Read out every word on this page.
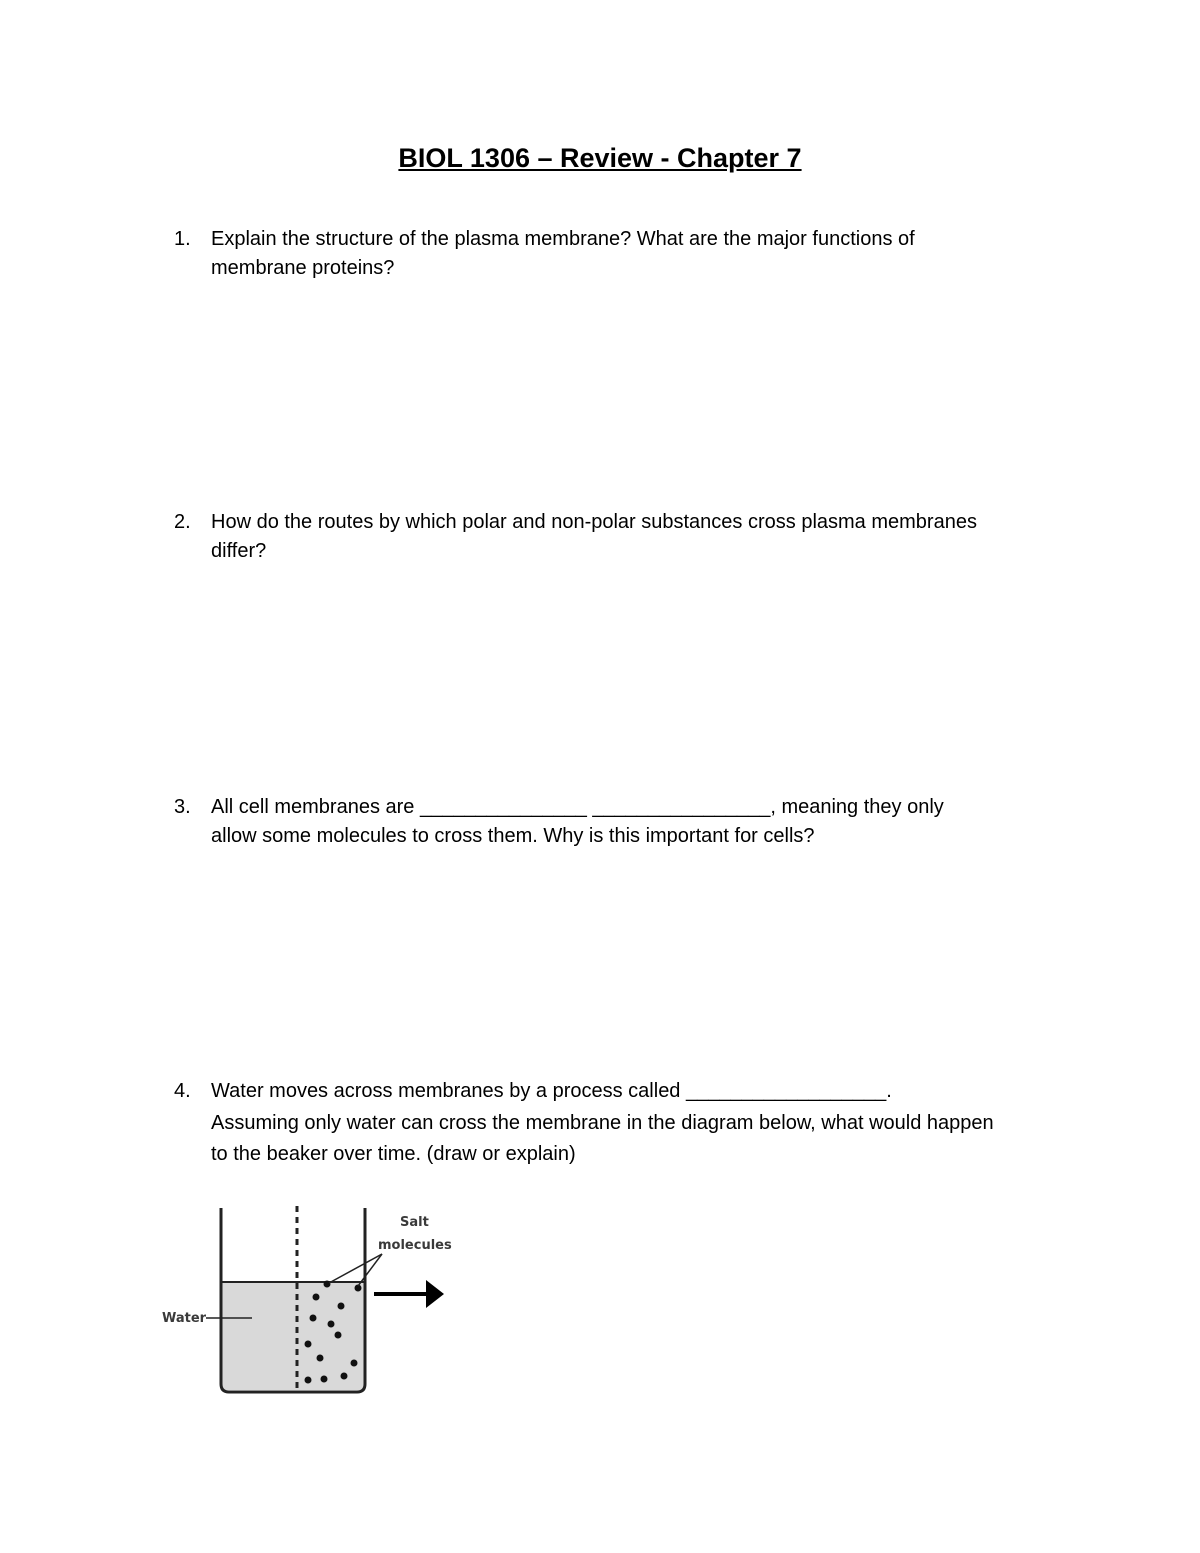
BIOL 1306 – Review - Chapter 7
1. Explain the structure of the plasma membrane? What are the major functions of
membrane proteins?
2. How do the routes by which polar and non-polar substances cross plasma membranes
differ?
3. All cell membranes are _______________ ________________, meaning they only
allow some molecules to cross them. Why is this important for cells?
4. Water moves across membranes by a process called __________________.
Assuming only water can cross the membrane in the diagram below, what would happen
to the beaker over time. (draw or explain)
Water
Salt
molecules
